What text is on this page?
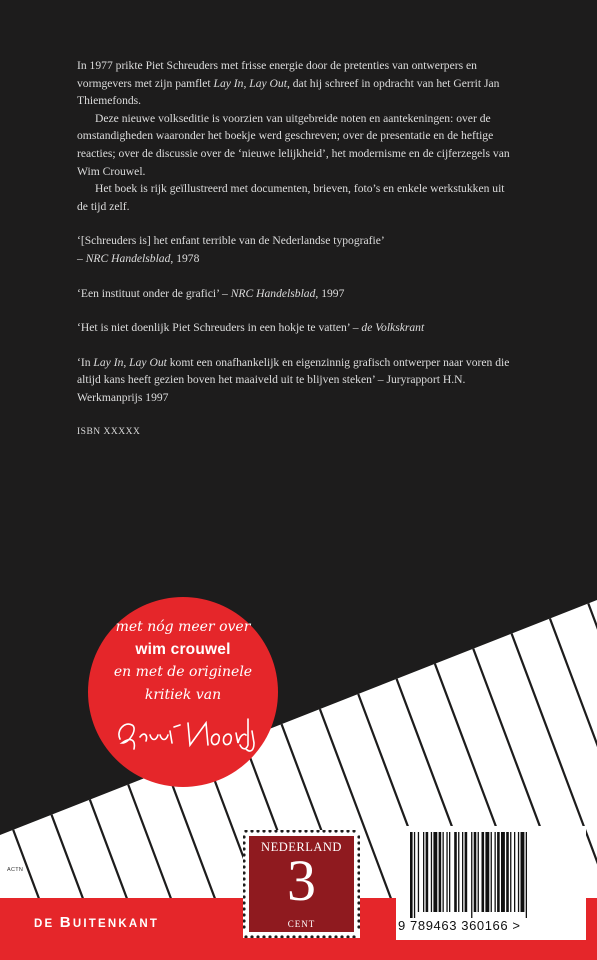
In 1977 prikte Piet Schreuders met frisse energie door de pretenties van ontwerpers en vormgevers met zijn pamflet Lay In, Lay Out, dat hij schreef in opdracht van het Gerrit Jan Thiemefonds.

Deze nieuwe volkseditie is voorzien van uitgebreide noten en aantekeningen: over de omstandigheden waaronder het boekje werd geschreven; over de presentatie en de heftige reacties; over de discussie over de ‘nieuwe lelijkheid’, het modernisme en de cijferzegels van Wim Crouwel.

Het boek is rijk geïllustreerd met documenten, brieven, foto’s en enkele werkstukken uit de tijd zelf.

‘[Schreuders is] het enfant terrible van de Nederlandse typografie’
– NRC Handelsblad, 1978

‘Een instituut onder de grafici’ – NRC Handelsblad, 1997

‘Het is niet doenlijk Piet Schreuders in een hokje te vatten’ – de Volkskrant

‘In Lay In, Lay Out komt een onafhankelijk en eigenzinnig grafisch ontwerper naar voren die altijd kans heeft gezien boven het maaiveld uit te blijven steken’ – Juryrapport H.N. Werkmanprijs 1997

ISBN XXXXX

met nóg meer over
wim crouwel
en met de originele
kritiek van
ACTN
DE BUITENKANT
NEDERLAND
3
CENT	9 789463 360166 >
